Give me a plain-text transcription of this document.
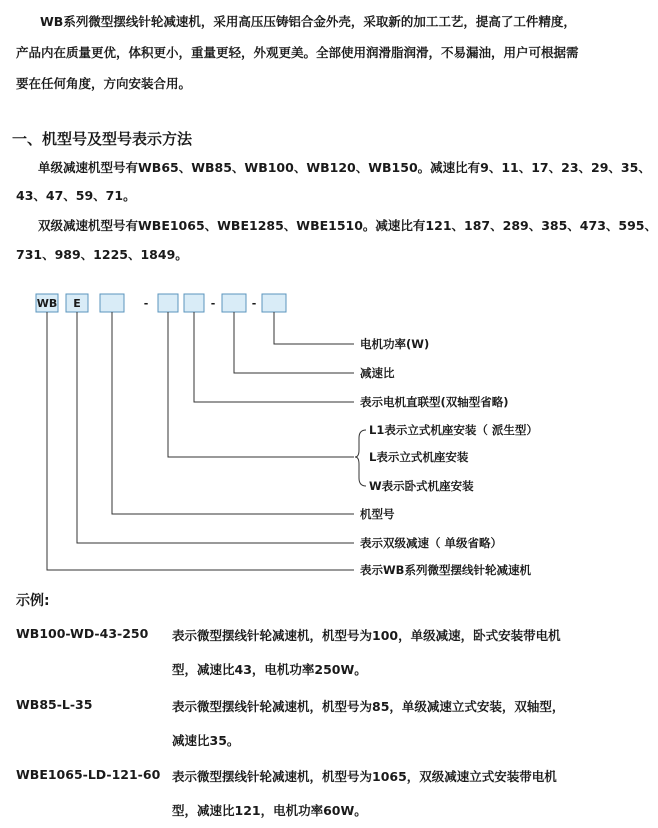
WB系列微型摆线针轮减速机，采用高压压铸铝合金外壳，采取新的加工工艺，提高了工件精度，
产品内在质量更优，体积更小，重量更轻，外观更美。全部使用润滑脂润滑，不易漏油，用户可根据需
要在任何角度，方向安装合用。
一、机型号及型号表示方法
单级减速机型号有WB65、WB85、WB100、WB120、WB150。减速比有9、11、17、23、29、35、
43、47、59、71。
双级减速机型号有WBE1065、WBE1285、WBE1510。减速比有121、187、289、385、473、595、
731、989、1225、1849。
WB E	-	-	-
电机功率(W)
减速比
表示电机直联型(双轴型省略)
L1表示立式机座安装（ 派生型）
L表示立式机座安装
W表示卧式机座安装
机型号
表示双级减速（ 单级省略）
表示WB系列微型摆线针轮减速机
示例:
WB100-WD-43-250 表示微型摆线针轮减速机，机型号为100，单级减速，卧式安装带电机
型，减速比43，电机功率250W。
WB85-L-35	表示微型摆线针轮减速机，机型号为85，单级减速立式安装，双轴型，
减速比35。
WBE1065-LD-121-60 表示微型摆线针轮减速机，机型号为1065，双级减速立式安装带电机
型，减速比121，电机功率60W。
